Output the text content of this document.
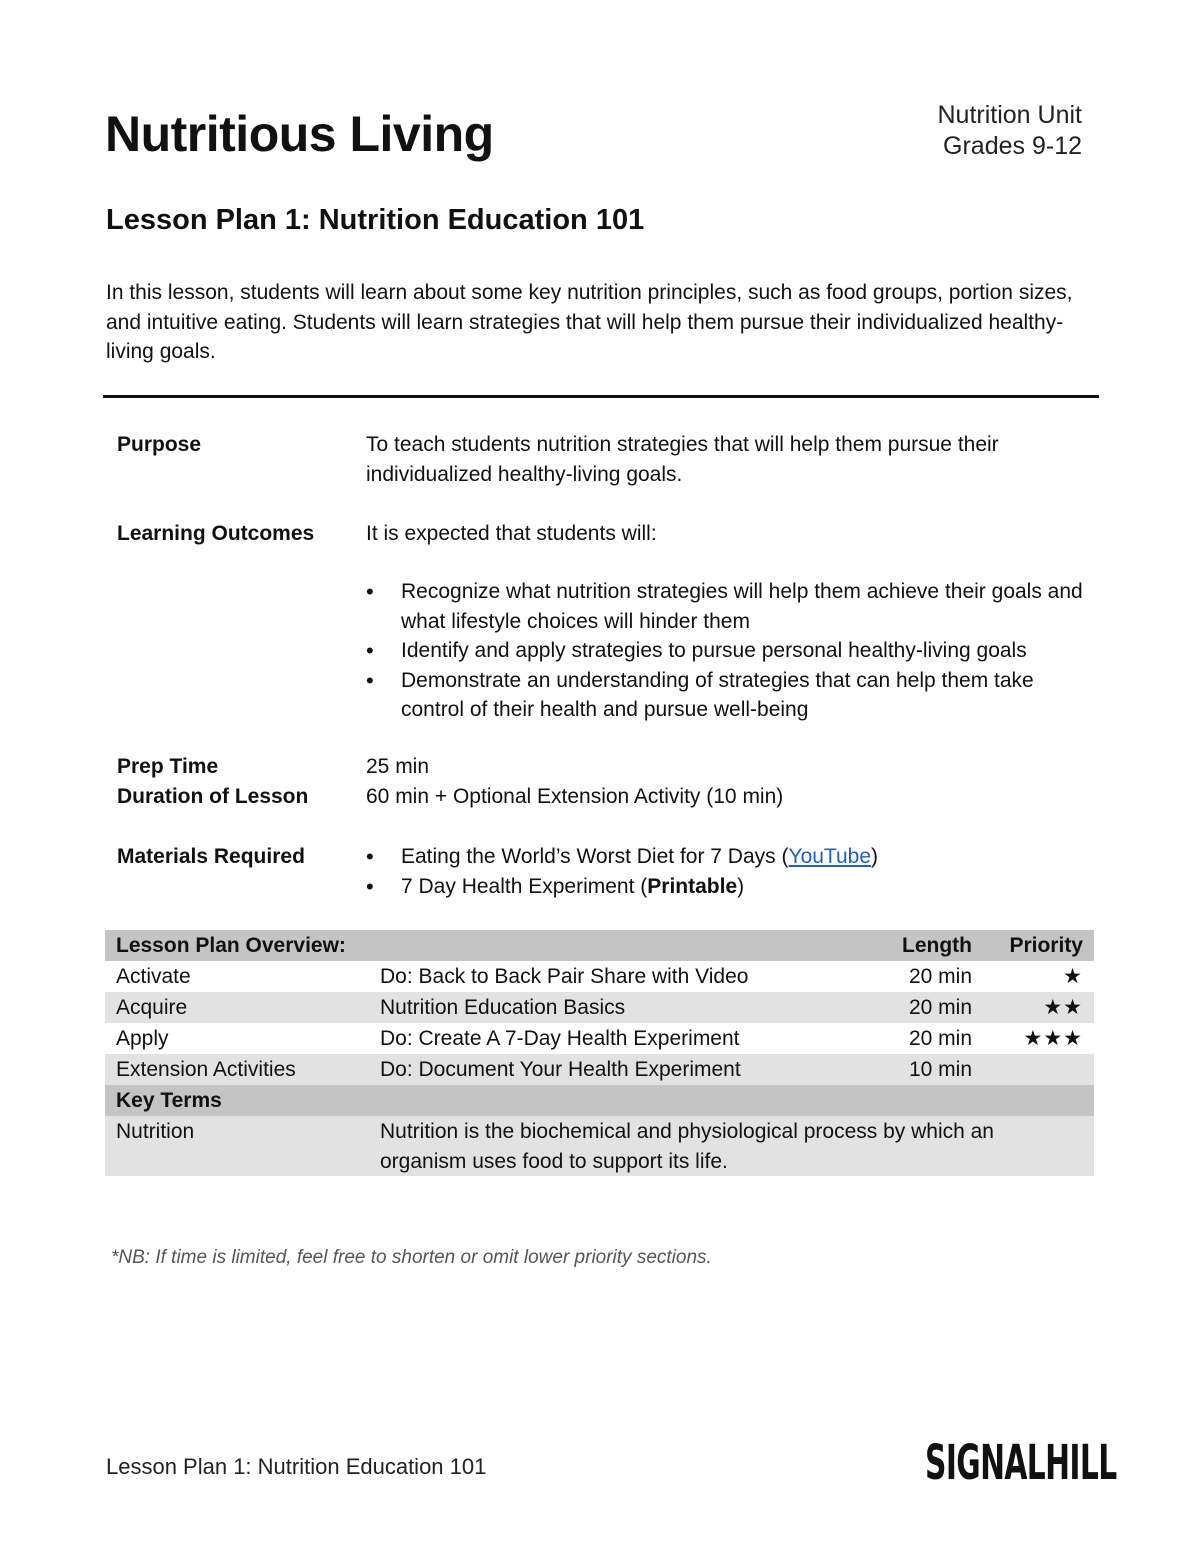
Nutritious Living	Nutrition Unit
Grades 9-12
Lesson Plan 1: Nutrition Education 101

In this lesson, students will learn about some key nutrition principles, such as food groups, portion sizes, and intuitive eating. Students will learn strategies that will help them pursue their individualized healthy-living goals.

Purpose	To teach students nutrition strategies that will help them pursue their individualized healthy-living goals.
Learning Outcomes It is expected that students will:
• Recognize what nutrition strategies will help them achieve their goals and what lifestyle choices will hinder them
• Identify and apply strategies to pursue personal healthy-living goals
• Demonstrate an understanding of strategies that can help them take control of their health and pursue well-being
Prep Time	25 min
Duration of Lesson	60 min + Optional Extension Activity (10 min)
Materials Required
•	Eating the World’s Worst Diet for 7 Days (YouTube)
• 7 Day Health Experiment (Printable)
Lesson Plan Overview:	Length Priority
Activate	Do: Back to Back Pair Share with Video	20 min	★
Acquire	Nutrition Education Basics	20 min	★★
Apply	Do: Create A 7-Day Health Experiment	20 min ★★★
Extension Activities	Do: Document Your Health Experiment	10 min
Key Terms
Nutrition	Nutrition is the biochemical and physiological process by which an organism uses food to support its life.
*NB: If time is limited, feel free to shorten or omit lower priority sections.
Lesson Plan 1: Nutrition Education 101	SIGNALHILL
